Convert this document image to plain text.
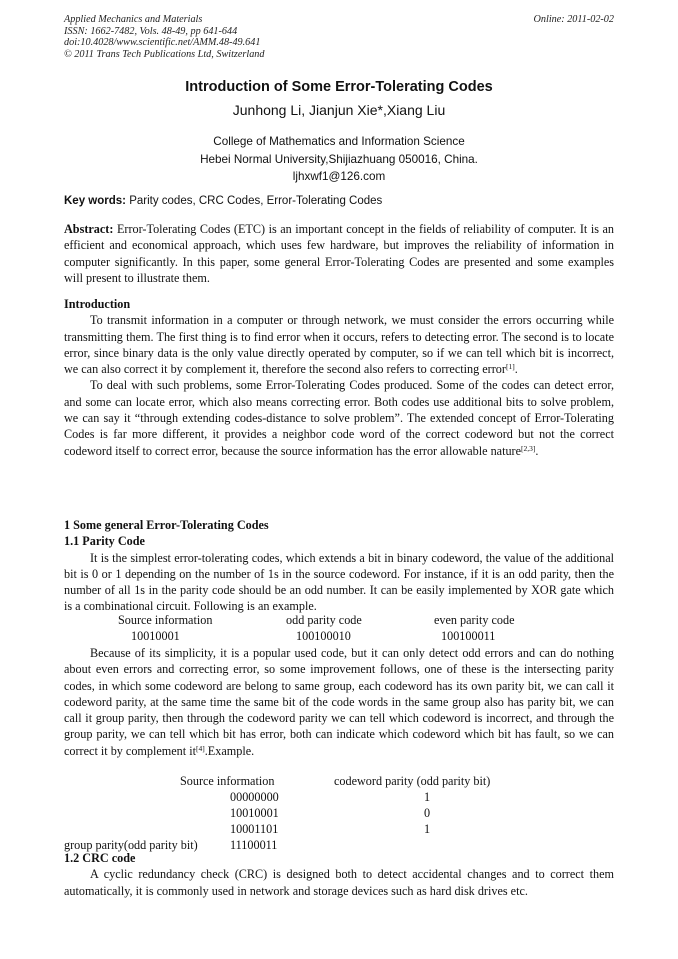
Applied Mechanics and Materials
ISSN: 1662-7482, Vols. 48-49, pp 641-644
doi:10.4028/www.scientific.net/AMM.48-49.641
© 2011 Trans Tech Publications Ltd, Switzerland
Online: 2011-02-02
Introduction of Some Error-Tolerating Codes
Junhong Li, Jianjun Xie*,Xiang Liu
College of Mathematics and Information Science
Hebei Normal University,Shijiazhuang 050016, China.
ljhxwf1@126.com
Key words: Parity codes, CRC Codes, Error-Tolerating Codes

Abstract: Error-Tolerating Codes (ETC) is an important concept in the fields of reliability of computer. It is an efficient and economical approach, which uses few hardware, but improves the reliability of information in computer significantly. In this paper, some general Error-Tolerating Codes are presented and some examples will present to illustrate them.

Introduction

To transmit information in a computer or through network, we must consider the errors occurring while transmitting them. The first thing is to find error when it occurs, refers to detecting error. The second is to locate error, since binary data is the only value directly operated by computer, so if we can tell which bit is incorrect, we can also correct it by complement it, therefore the second also refers to correcting error[1].

To deal with such problems, some Error-Tolerating Codes produced. Some of the codes can detect error, and some can locate error, which also means correcting error. Both codes use additional bits to solve problem, we can say it “through extending codes-distance to solve problem”. The extended concept of Error-Tolerating Codes is far more different, it provides a neighbor code word of the correct codeword but not the correct codeword itself to correct error, because the source information has the error allowable nature[2,3].

1 Some general Error-Tolerating Codes

1.1 Parity Code

It is the simplest error-tolerating codes, which extends a bit in binary codeword, the value of the additional bit is 0 or 1 depending on the number of 1s in the source codeword. For instance, if it is an odd parity, then the number of all 1s in the parity code should be an odd number. It can be easily implemented by XOR gate which is a combinational circuit. Following is an example.

Source information	odd parity code	even parity code
10010001	100100010	100100011

Because of its simplicity, it is a popular used code, but it can only detect odd errors and can do nothing about even errors and correcting error, so some improvement follows, one of these is the intersecting parity codes, in which some codeword are belong to same group, each codeword has its own parity bit, we can call it codeword parity, at the same time the same bit of the code words in the same group also has parity bit, we can call it group parity, then through the codeword parity we can tell which codeword is incorrect, and through the group parity, we can tell which bit has error, both can indicate which codeword which bit has fault, so we can correct it by complement it[4].Example.

Source information	codeword parity (odd parity bit)
00000000	1
10010001	0
10001101	1
group parity(odd parity bit)	11100011

1.2 CRC code

A cyclic redundancy check (CRC) is designed both to detect accidental changes and to correct them automatically, it is commonly used in network and storage devices such as hard disk drives etc.
